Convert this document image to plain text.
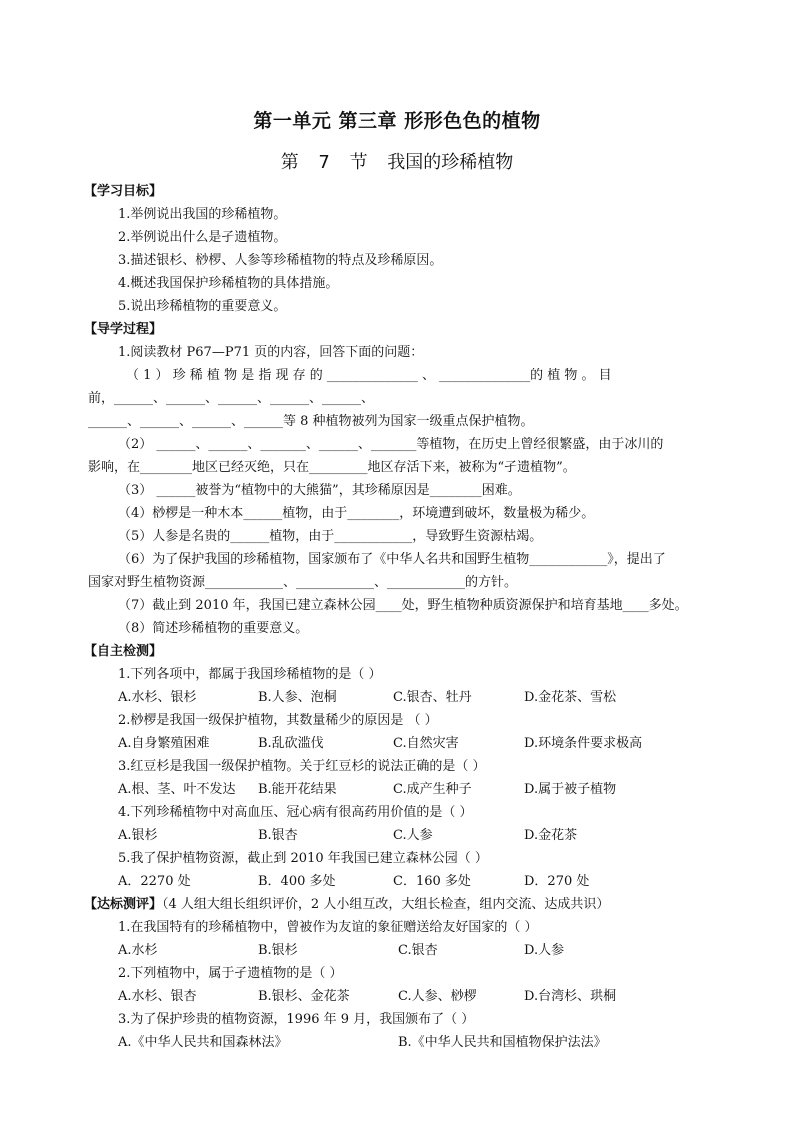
第一单元 第三章 形形色色的植物
第 7 节 我国的珍稀植物
【学习目标】
1.举例说出我国的珍稀植物。
2.举例说出什么是孑遗植物。
3.描述银杉、桫椤、人参等珍稀植物的特点及珍稀原因。
4.概述我国保护珍稀植物的具体措施。
5.说出珍稀植物的重要意义。
【导学过程】
1.阅读教材 P67—P71 页的内容，回答下面的问题：
（ 1 ） 珍 稀 植 物 是 指 现 存 的 ______________ 、 ______________的 植 物 。 目
前，______、______、______、______、______、
______、______、______、______等 8 种植物被列为国家一级重点保护植物。
（2） ______、______、_______、______、_______等植物，在历史上曾经很繁盛，由于冰川的
影响，在________地区已经灭绝，只在_________地区存活下来，被称为“孑遗植物”。
（3） ______被誉为“植物中的大熊猫”，其珍稀原因是________困难。
（4）桫椤是一种木本______植物，由于________，环境遭到破坏，数量极为稀少。
（5）人参是名贵的______植物，由于____________，导致野生资源枯竭。
（6）为了保护我国的珍稀植物，国家颁布了《中华人名共和国野生植物____________》，提出了
国家对野生植物资源____________、____________、____________的方针。
（7）截止到 2010 年，我国已建立森林公园____处，野生植物种质资源保护和培育基地____多处。
（8）简述珍稀植物的重要意义。
【自主检测】
1.下列各项中，都属于我国珍稀植物的是（ ）
A.水杉、银杉	B.人参、泡桐	C.银杏、牡丹	D.金花茶、雪松
2.桫椤是我国一级保护植物，其数量稀少的原因是 （ ）
A.自身繁殖困难	B.乱砍滥伐	C.自然灾害	D.环境条件要求极高
3.红豆杉是我国一级保护植物。关于红豆杉的说法正确的是（ ）
A.根、茎、叶不发达 B.能开花结果	C.成产生种子	D.属于被子植物
4.下列珍稀植物中对高血压、冠心病有很高药用价值的是（ ）
A.银杉	B.银杏	C.人参	D.金花茶
5.我了保护植物资源，截止到 2010 年我国已建立森林公园（ ）
A．2270 处	B．400 多处	C．160 多处	D．270 处
【达标测评】（4 人组大组长组织评价，2 人小组互改，大组长检查，组内交流、达成共识）
1.在我国特有的珍稀植物中，曾被作为友谊的象征赠送给友好国家的（ ）
A.水杉	B.银杉	C.银杏	D.人参
2.下列植物中，属于孑遗植物的是（ ）
A.水杉、银杏	B.银杉、金花茶	C.人参、桫椤	D.台湾杉、珙桐
3.为了保护珍贵的植物资源，1996 年 9 月，我国颁布了（ ）
A.《中华人民共和国森林法》	B.《中华人民共和国植物保护法法》
